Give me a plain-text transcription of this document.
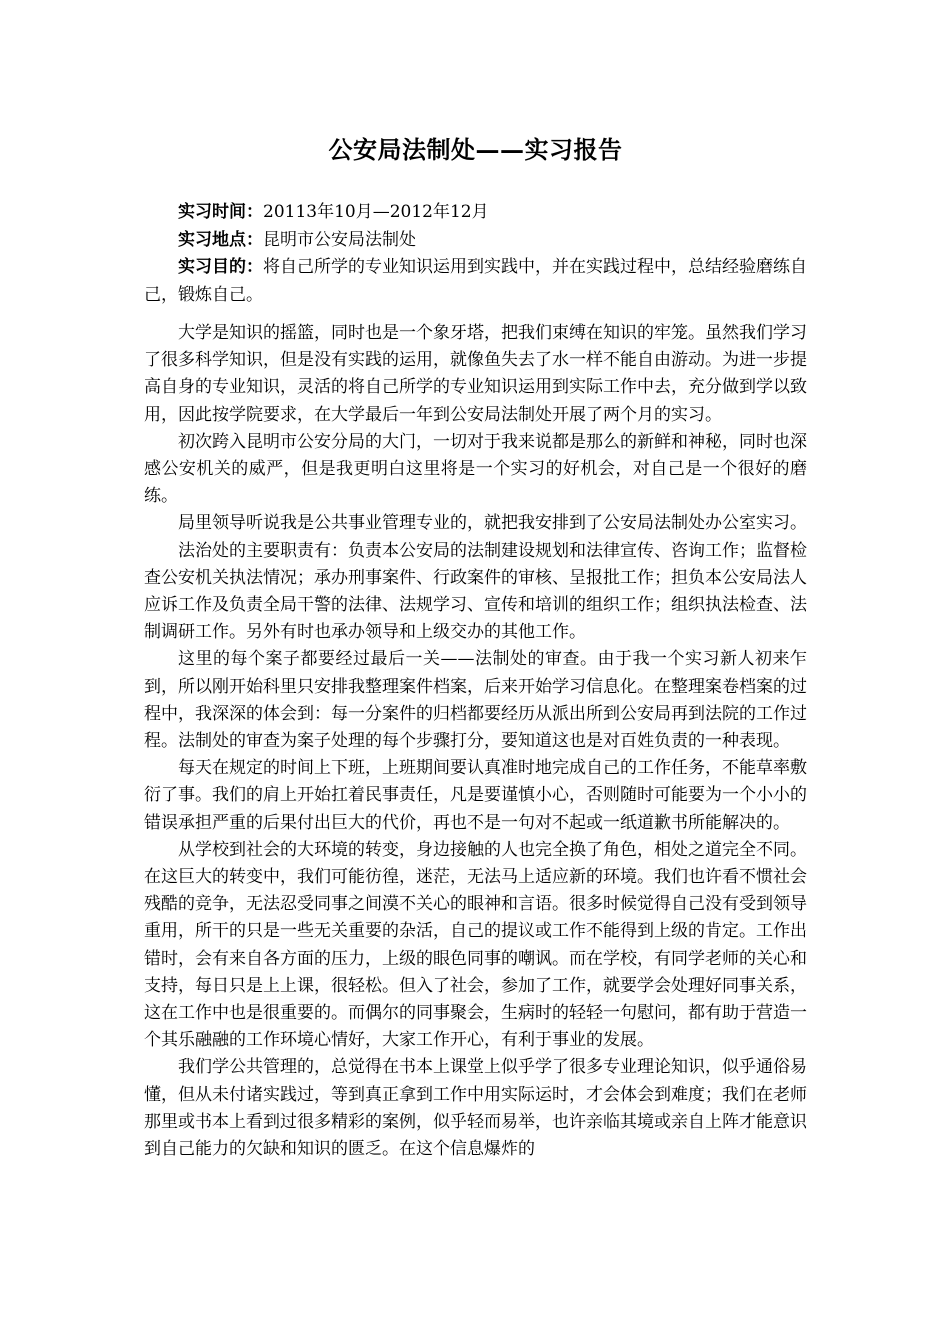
公安局法制处——实习报告

实习时间：20113年10月—2012年12月

实习地点：昆明市公安局法制处

实习目的：将自己所学的专业知识运用到实践中，并在实践过程中，总结经验磨练自己，锻炼自己。

大学是知识的摇篮，同时也是一个象牙塔，把我们束缚在知识的牢笼。虽然我们学习了很多科学知识，但是没有实践的运用，就像鱼失去了水一样不能自由游动。为进一步提高自身的专业知识，灵活的将自己所学的专业知识运用到实际工作中去，充分做到学以致用，因此按学院要求，在大学最后一年到公安局法制处开展了两个月的实习。

初次跨入昆明市公安分局的大门，一切对于我来说都是那么的新鲜和神秘，同时也深感公安机关的威严，但是我更明白这里将是一个实习的好机会，对自己是一个很好的磨练。

局里领导听说我是公共事业管理专业的，就把我安排到了公安局法制处办公室实习。

法治处的主要职责有：负责本公安局的法制建设规划和法律宣传、咨询工作；监督检查公安机关执法情况；承办刑事案件、行政案件的审核、呈报批工作；担负本公安局法人应诉工作及负责全局干警的法律、法规学习、宣传和培训的组织工作；组织执法检查、法制调研工作。另外有时也承办领导和上级交办的其他工作。

这里的每个案子都要经过最后一关——法制处的审查。由于我一个实习新人初来乍到，所以刚开始科里只安排我整理案件档案，后来开始学习信息化。在整理案卷档案的过程中，我深深的体会到：每一分案件的归档都要经历从派出所到公安局再到法院的工作过程。法制处的审查为案子处理的每个步骤打分，要知道这也是对百姓负责的一种表现。

每天在规定的时间上下班，上班期间要认真准时地完成自己的工作任务，不能草率敷衍了事。我们的肩上开始扛着民事责任，凡是要谨慎小心，否则随时可能要为一个小小的错误承担严重的后果付出巨大的代价，再也不是一句对不起或一纸道歉书所能解决的。

从学校到社会的大环境的转变，身边接触的人也完全换了角色，相处之道完全不同。在这巨大的转变中，我们可能彷徨，迷茫，无法马上适应新的环境。我们也许看不惯社会残酷的竞争，无法忍受同事之间漠不关心的眼神和言语。很多时候觉得自己没有受到领导重用，所干的只是一些无关重要的杂活，自己的提议或工作不能得到上级的肯定。工作出错时，会有来自各方面的压力，上级的眼色同事的嘲讽。而在学校，有同学老师的关心和支持，每日只是上上课，很轻松。但入了社会，参加了工作，就要学会处理好同事关系，这在工作中也是很重要的。而偶尔的同事聚会，生病时的轻轻一句慰问，都有助于营造一个其乐融融的工作环境心情好，大家工作开心，有利于事业的发展。

我们学公共管理的，总觉得在书本上课堂上似乎学了很多专业理论知识，似乎通俗易懂，但从未付诸实践过，等到真正拿到工作中用实际运时，才会体会到难度；我们在老师那里或书本上看到过很多精彩的案例，似乎轻而易举，也许亲临其境或亲自上阵才能意识到自己能力的欠缺和知识的匮乏。在这个信息爆炸的
